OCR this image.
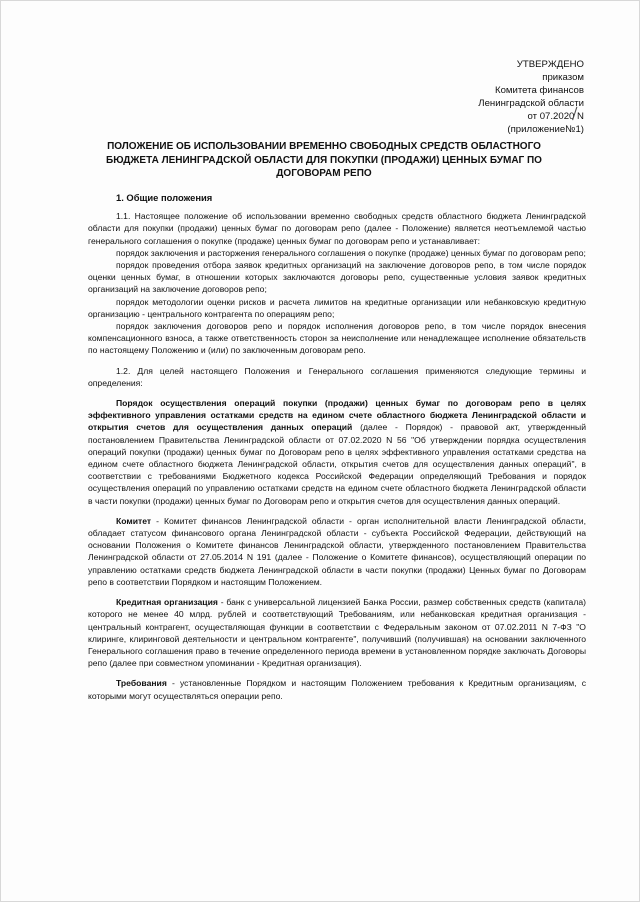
УТВЕРЖДЕНО
приказом
Комитета финансов
Ленинградской области
от 07.2020 N
(приложение№1)
ПОЛОЖЕНИЕ ОБ ИСПОЛЬЗОВАНИИ ВРЕМЕННО СВОБОДНЫХ СРЕДСТВ ОБЛАСТНОГО БЮДЖЕТА ЛЕНИНГРАДСКОЙ ОБЛАСТИ ДЛЯ ПОКУПКИ (ПРОДАЖИ) ЦЕННЫХ БУМАГ ПО ДОГОВОРАМ РЕПО

1. Общие положения

1.1. Настоящее положение об использовании временно свободных средств областного бюджета Ленинградской области для покупки (продажи) ценных бумаг по договорам репо (далее - Положение) является неотъемлемой частью генерального соглашения о покупке (продаже) ценных бумаг по договорам репо и устанавливает:

порядок заключения и расторжения генерального соглашения о покупке (продаже) ценных бумаг по договорам репо;

порядок проведения отбора заявок кредитных организаций на заключение договоров репо, в том числе порядок оценки ценных бумаг, в отношении которых заключаются договоры репо, существенные условия заявок кредитных организаций на заключение договоров репо;

порядок методологии оценки рисков и расчета лимитов на кредитные организации или небанковскую кредитную организацию - центрального контрагента по операциям репо;

порядок заключения договоров репо и порядок исполнения договоров репо, в том числе порядок внесения компенсационного взноса, а также ответственность сторон за неисполнение или ненадлежащее исполнение обязательств по настоящему Положению и (или) по заключенным договорам репо.

1.2. Для целей настоящего Положения и Генерального соглашения применяются следующие термины и определения:

Порядок осуществления операций покупки (продажи) ценных бумаг по договорам репо в целях эффективного управления остатками средств на едином счете областного бюджета Ленинградской области и открытия счетов для осуществления данных операций (далее - Порядок) - правовой акт, утвержденный постановлением Правительства Ленинградской области от 07.02.2020 N 56 "Об утверждении порядка осуществления операций покупки (продажи) ценных бумаг по Договорам репо в целях эффективного управления остатками средства на едином счете областного бюджета Ленинградской области, открытия счетов для осуществления данных операций", в соответствии с требованиями Бюджетного кодекса Российской Федерации определяющий Требования и порядок осуществления операций по управлению остатками средств на едином счете областного бюджета Ленинградской области в части покупки (продажи) ценных бумаг по Договорам репо и открытия счетов для осуществления данных операций.

Комитет - Комитет финансов Ленинградской области - орган исполнительной власти Ленинградской области, обладает статусом финансового органа Ленинградской области - субъекта Российской Федерации, действующий на основании Положения о Комитете финансов Ленинградской области, утвержденного постановлением Правительства Ленинградской области от 27.05.2014 N 191 (далее - Положение о Комитете финансов), осуществляющий операции по управлению остатками средств бюджета Ленинградской области в части покупки (продажи) Ценных бумаг по Договорам репо в соответствии Порядком и настоящим Положением.

Кредитная организация - банк с универсальной лицензией Банка России, размер собственных средств (капитала) которого не менее 40 млрд. рублей и соответствующий Требованиям, или небанковская кредитная организация - центральный контрагент, осуществляющая функции в соответствии с Федеральным законом от 07.02.2011 N 7-ФЗ "О клиринге, клиринговой деятельности и центральном контрагенте", получивший (получившая) на основании заключенного Генерального соглашения право в течение определенного периода времени в установленном порядке заключать Договоры репо (далее при совместном упоминании - Кредитная организация).

Требования - установленные Порядком и настоящим Положением требования к Кредитным организациям, с которыми могут осуществляться операции репо.
